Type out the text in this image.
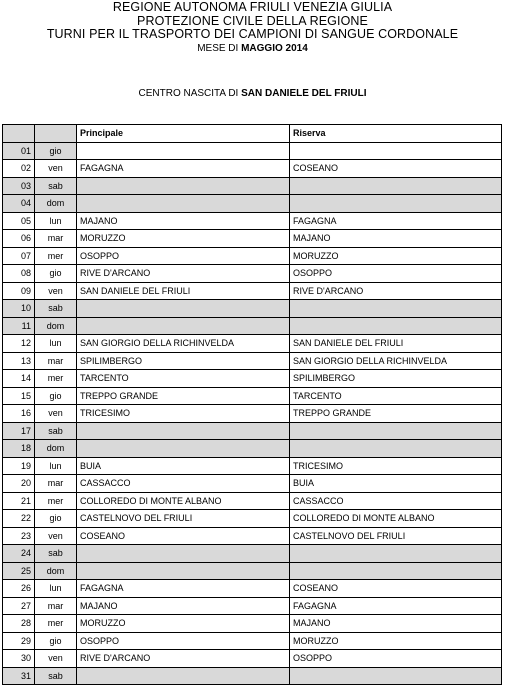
REGIONE AUTONOMA FRIULI VENEZIA GIULIA
PROTEZIONE CIVILE DELLA REGIONE
TURNI PER IL TRASPORTO DEI CAMPIONI DI SANGUE CORDONALE
MESE DI MAGGIO 2014
CENTRO NASCITA DI SAN DANIELE DEL FRIULI
		Principale	Riserva
01	gio		
02	ven	FAGAGNA	COSEANO
03	sab		
04	dom		
05	lun	MAJANO	FAGAGNA
06	mar	MORUZZO	MAJANO
07	mer	OSOPPO	MORUZZO
08	gio	RIVE D'ARCANO	OSOPPO
09	ven	SAN DANIELE DEL FRIULI	RIVE D'ARCANO
10	sab		
11	dom		
12	lun	SAN GIORGIO DELLA RICHINVELDA	SAN DANIELE DEL FRIULI
13	mar	SPILIMBERGO	SAN GIORGIO DELLA RICHINVELDA
14	mer	TARCENTO	SPILIMBERGO
15	gio	TREPPO GRANDE	TARCENTO
16	ven	TRICESIMO	TREPPO GRANDE
17	sab		
18	dom		
19	lun	BUIA	TRICESIMO
20	mar	CASSACCO	BUIA
21	mer	COLLOREDO DI MONTE ALBANO	CASSACCO
22	gio	CASTELNOVO DEL FRIULI	COLLOREDO DI MONTE ALBANO
23	ven	COSEANO	CASTELNOVO DEL FRIULI
24	sab		
25	dom		
26	lun	FAGAGNA	COSEANO
27	mar	MAJANO	FAGAGNA
28	mer	MORUZZO	MAJANO
29	gio	OSOPPO	MORUZZO
30	ven	RIVE D'ARCANO	OSOPPO
31	sab		
